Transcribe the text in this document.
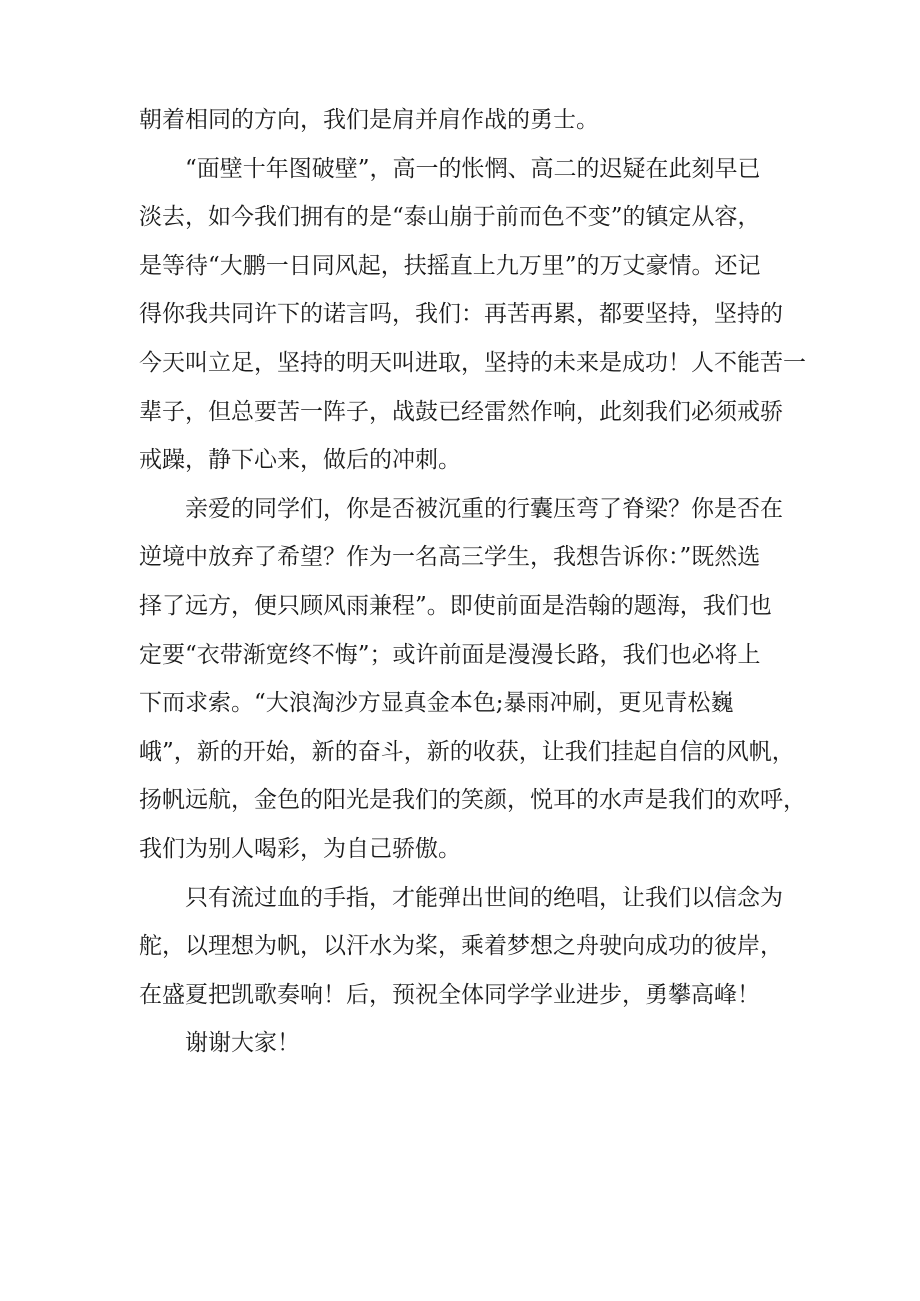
朝着相同的方向，我们是肩并肩作战的勇士。
“面壁十年图破壁”，高一的怅惘、高二的迟疑在此刻早已
淡去，如今我们拥有的是“泰山崩于前而色不变”的镇定从容，
是等待“大鹏一日同风起，扶摇直上九万里”的万丈豪情。还记
得你我共同许下的诺言吗，我们：再苦再累，都要坚持，坚持的
今天叫立足，坚持的明天叫进取，坚持的未来是成功！人不能苦一
辈子，但总要苦一阵子，战鼓已经雷然作响，此刻我们必须戒骄
戒躁，静下心来，做后的冲刺。
亲爱的同学们，你是否被沉重的行囊压弯了脊梁？你是否在
逆境中放弃了希望？作为一名高三学生，我想告诉你：”既然选
择了远方，便只顾风雨兼程”。即使前面是浩翰的题海，我们也
定要“衣带渐宽终不悔”；或许前面是漫漫长路，我们也必将上
下而求索。“大浪淘沙方显真金本色;暴雨冲刷，更见青松巍
峨”，新的开始，新的奋斗，新的收获，让我们挂起自信的风帆，
扬帆远航，金色的阳光是我们的笑颜，悦耳的水声是我们的欢呼，
我们为别人喝彩，为自己骄傲。
只有流过血的手指，才能弹出世间的绝唱，让我们以信念为
舵，以理想为帆，以汗水为桨，乘着梦想之舟驶向成功的彼岸，
在盛夏把凯歌奏响！后，预祝全体同学学业进步，勇攀高峰！
谢谢大家！
